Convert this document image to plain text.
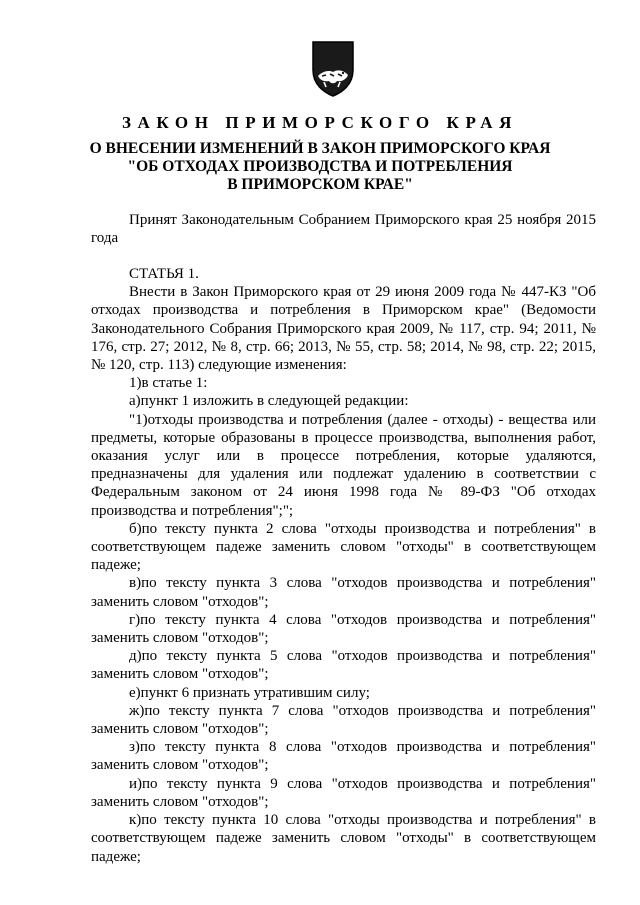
ЗАКОН ПРИМОРСКОГО КРАЯ
О ВНЕСЕНИИ ИЗМЕНЕНИЙ В ЗАКОН ПРИМОРСКОГО КРАЯ
"ОБ ОТХОДАХ ПРОИЗВОДСТВА И ПОТРЕБЛЕНИЯ
В ПРИМОРСКОМ КРАЕ"

Принят Законодательным Собранием Приморского края 25 ноября 2015 года

СТАТЬЯ 1.

Внести в Закон Приморского края от 29 июня 2009 года № 447-КЗ "Об отходах производства и потребления в Приморском крае" (Ведомости Законодательного Собрания Приморского края 2009, № 117, стр. 94; 2011, № 176, стр. 27; 2012, № 8, стр. 66; 2013, № 55, стр. 58; 2014, № 98, стр. 22; 2015, № 120, стр. 113) следующие изменения:

1)в статье 1:

а)пункт 1 изложить в следующей редакции:

"1)отходы производства и потребления (далее - отходы) - вещества или предметы, которые образованы в процессе производства, выполнения работ, оказания услуг или в процессе потребления, которые удаляются, предназначены для удаления или подлежат удалению в соответствии с Федеральным законом от 24 июня 1998 года № 89-ФЗ "Об отходах производства и потребления";";

б)по тексту пункта 2 слова "отходы производства и потребления" в соответствующем падеже заменить словом "отходы" в соответствующем падеже;

в)по тексту пункта 3 слова "отходов производства и потребления" заменить словом "отходов";

г)по тексту пункта 4 слова "отходов производства и потребления" заменить словом "отходов";

д)по тексту пункта 5 слова "отходов производства и потребления" заменить словом "отходов";

е)пункт 6 признать утратившим силу;

ж)по тексту пункта 7 слова "отходов производства и потребления" заменить словом "отходов";

з)по тексту пункта 8 слова "отходов производства и потребления" заменить словом "отходов";

и)по тексту пункта 9 слова "отходов производства и потребления" заменить словом "отходов";

к)по тексту пункта 10 слова "отходы производства и потребления" в соответствующем падеже заменить словом "отходы" в соответствующем падеже;
